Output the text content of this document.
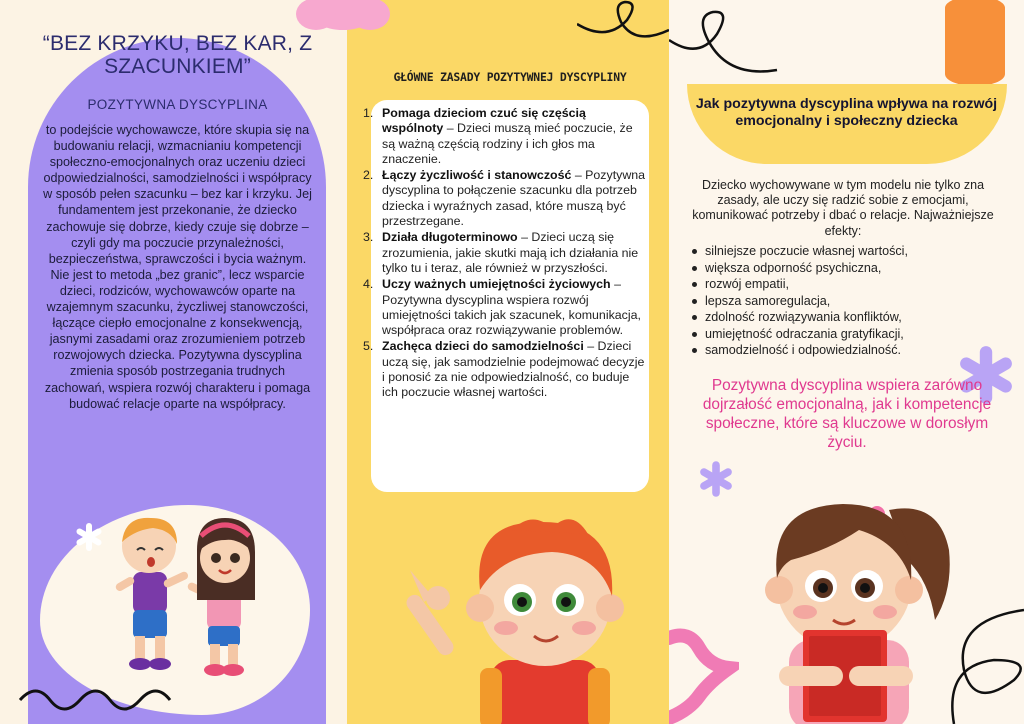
“BEZ KRZYKU, BEZ KAR, Z SZACUNKIEM”
POZYTYWNA DYSCYPLINA

to podejście wychowawcze, które skupia się na budowaniu relacji, wzmacnianiu kompetencji społeczno-emocjonalnych oraz uczeniu dzieci odpowiedzialności, samodzielności i współpracy w sposób pełen szacunku – bez kar i krzyku. Jej fundamentem jest przekonanie, że dziecko zachowuje się dobrze, kiedy czuje się dobrze – czyli gdy ma poczucie przynależności, bezpieczeństwa, sprawczości i bycia ważnym. Nie jest to metoda „bez granic”, lecz wsparcie dzieci, rodziców, wychowawców oparte na wzajemnym szacunku, życzliwej stanowczości, łączące ciepło emocjonalne z konsekwencją, jasnymi zasadami oraz zrozumieniem potrzeb rozwojowych dziecka. Pozytywna dyscyplina zmienia sposób postrzegania trudnych zachowań, wspiera rozwój charakteru i pomaga budować relacje oparte na współpracy.

GŁÓWNE ZASADY POZYTYWNEJ DYSCYPLINY
1. Pomaga dzieciom czuć się częścią wspólnoty – Dzieci muszą mieć poczucie, że są ważną częścią rodziny i ich głos ma znaczenie.
2. Łączy życzliwość i stanowczość – Pozytywna dyscyplina to połączenie szacunku dla potrzeb dziecka i wyraźnych zasad, które muszą być przestrzegane.
3. Działa długoterminowo – Dzieci uczą się zrozumienia, jakie skutki mają ich działania nie tylko tu i teraz, ale również w przyszłości.
4. Uczy ważnych umiejętności życiowych – Pozytywna dyscyplina wspiera rozwój umiejętności takich jak szacunek, komunikacja, współpraca oraz rozwiązywanie problemów.
5. Zachęca dzieci do samodzielności – Dzieci uczą się, jak samodzielnie podejmować decyzje i ponosić za nie odpowiedzialność, co buduje ich poczucie własnej wartości.
Jak pozytywna dyscyplina wpływa na rozwój emocjonalny i społeczny dziecka

Dziecko wychowywane w tym modelu nie tylko zna zasady, ale uczy się radzić sobie z emocjami, komunikować potrzeby i dbać o relacje. Najważniejsze efekty:

silniejsze poczucie własnej wartości,
większa odporność psychiczna,
rozwój empatii,
lepsza samoregulacja,
zdolność rozwiązywania konfliktów,
umiejętność odraczania gratyfikacji,
samodzielność i odpowiedzialność.

Pozytywna dyscyplina wspiera zarówno dojrzałość emocjonalną, jak i kompetencje społeczne, które są kluczowe w dorosłym życiu.
